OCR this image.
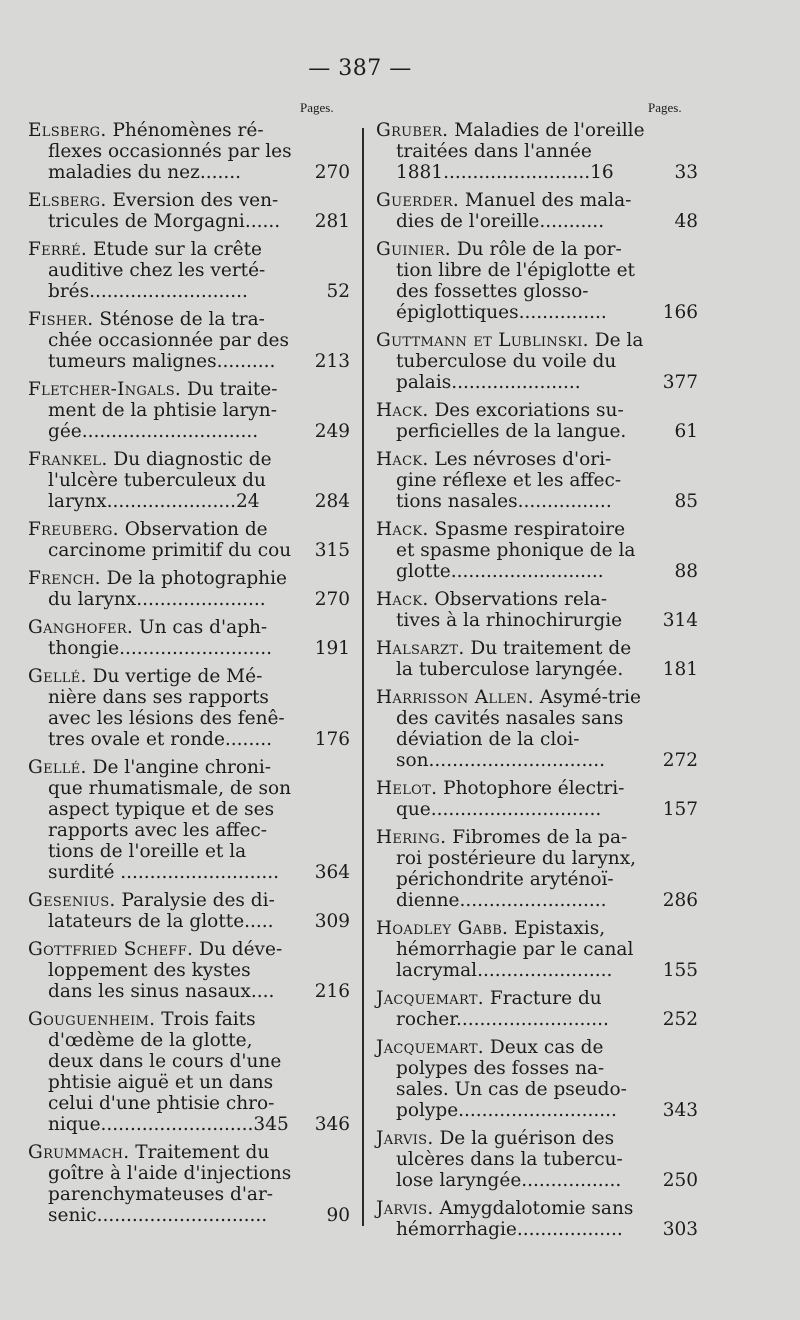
— 387 —
Pages.	Pages.
Elsberg. Phénomènes ré-flexes occasionnés par les maladies du nez.......	270
Elsberg. Eversion des ven-tricules de Morgagni......	281
Ferré. Etude sur la crête auditive chez les verté-brés...........................	52
Fisher. Sténose de la tra-chée occasionnée par des tumeurs malignes..........	213
Fletcher-Ingals. Du traite-ment de la phtisie laryn-gée..............................	249
Frankel. Du diagnostic de l'ulcère tuberculeux du larynx......................24	284
Freuberg. Observation de carcinome primitif du cou	315
French. De la photographie du larynx......................	270
Ganghofer. Un cas d'aph-thongie..........................	191
Gellé. Du vertige de Mé-nière dans ses rapports avec les lésions des fenê-tres ovale et ronde........	176
Gellé. De l'angine chroni-que rhumatismale, de son aspect typique et de ses rapports avec les affec-tions de l'oreille et la surdité ...........................	364
Gesenius. Paralysie des di-latateurs de la glotte.....	309
Gottfried Scheff. Du déve-loppement des kystes dans les sinus nasaux....	216
Gouguenheim. Trois faits d'œdème de la glotte, deux dans le cours d'une phtisie aiguë et un dans celui d'une phtisie chro-nique..........................345	346
Grummach. Traitement du goître à l'aide d'injections parenchymateuses d'ar-senic.............................	90
Gruber. Maladies de l'oreille traitées dans l'année 1881.........................16	33
Guerder. Manuel des mala-dies de l'oreille...........	48
Guinier. Du rôle de la por-tion libre de l'épiglotte et des fossettes glosso-épiglottiques...............	166
Guttmann et Lublinski. De la tuberculose du voile du palais......................	377
Hack. Des excoriations su-perficielles de la langue.	61
Hack. Les névroses d'ori-gine réflexe et les affec-tions nasales................	85
Hack. Spasme respiratoire et spasme phonique de la glotte..........................	88
Hack. Observations rela-tives à la rhinochirurgie	314
Halsarzt. Du traitement de la tuberculose laryngée.	181
Harrisson Allen. Asymé-trie des cavités nasales sans déviation de la cloi-son..............................	272
Helot. Photophore électri-que.............................	157
Hering. Fibromes de la pa-roi postérieure du larynx, périchondrite aryténoï-dienne.........................	286
Hoadley Gabb. Epistaxis, hémorrhagie par le canal lacrymal.......................	155
Jacquemart. Fracture du rocher..........................	252
Jacquemart. Deux cas de polypes des fosses na-sales. Un cas de pseudo-polype...........................	343
Jarvis. De la guérison des ulcères dans la tubercu-lose laryngée.................	250
Jarvis. Amygdalotomie sans hémorrhagie..................	303
